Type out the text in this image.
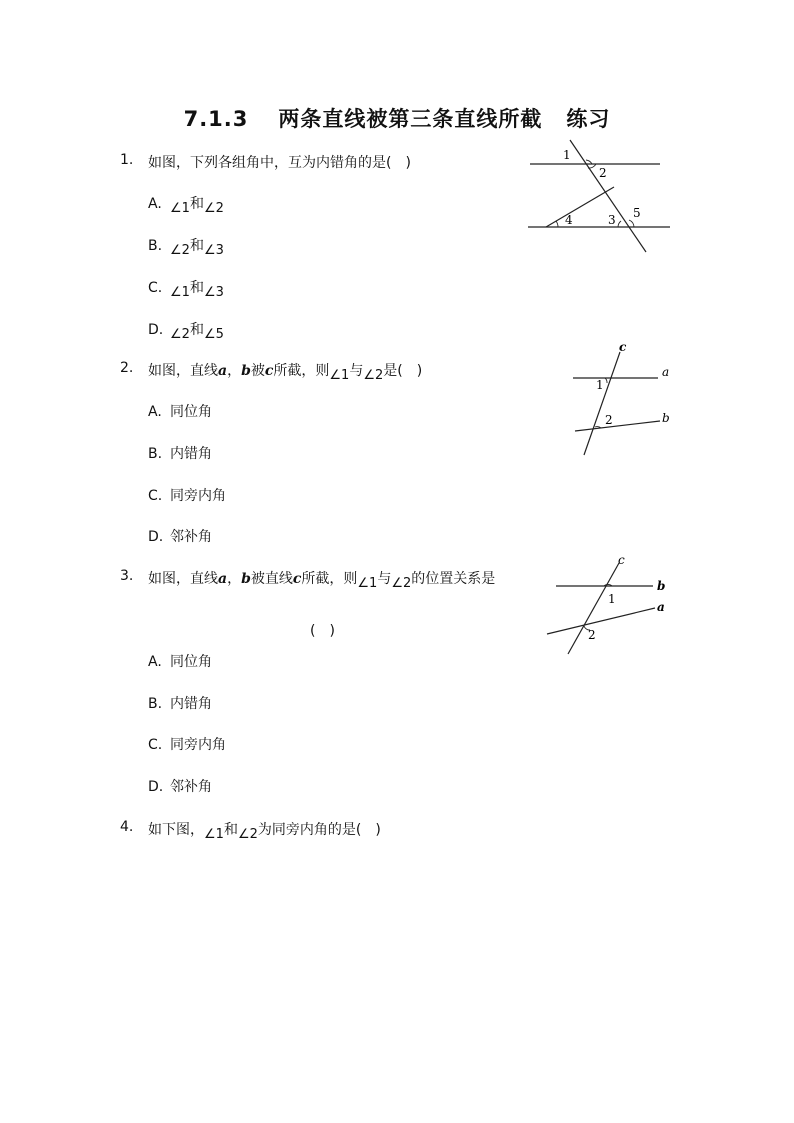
7.1.3 两条直线被第三条直线所截 练习
1.	如图，下列各组角中，互为内错角的是(　)
A. ∠1和∠2
B. ∠2和∠3
C. ∠1和∠3
D. ∠2和∠5
1
2
4	3 5
2.	如图，直线a，b被c所截，则∠1与∠2是(　)
A. 同位角
B. 内错角
C. 同旁内角
D. 邻补角
c
a
1
2	b
3.	如图，直线a，b被直线c所截，则∠1与∠2的位置关系是
(　)
A. 同位角
B. 内错角
C. 同旁内角
D. 邻补角
c
b
1
a
2
4.	如下图，∠1和∠2为同旁内角的是(　)
